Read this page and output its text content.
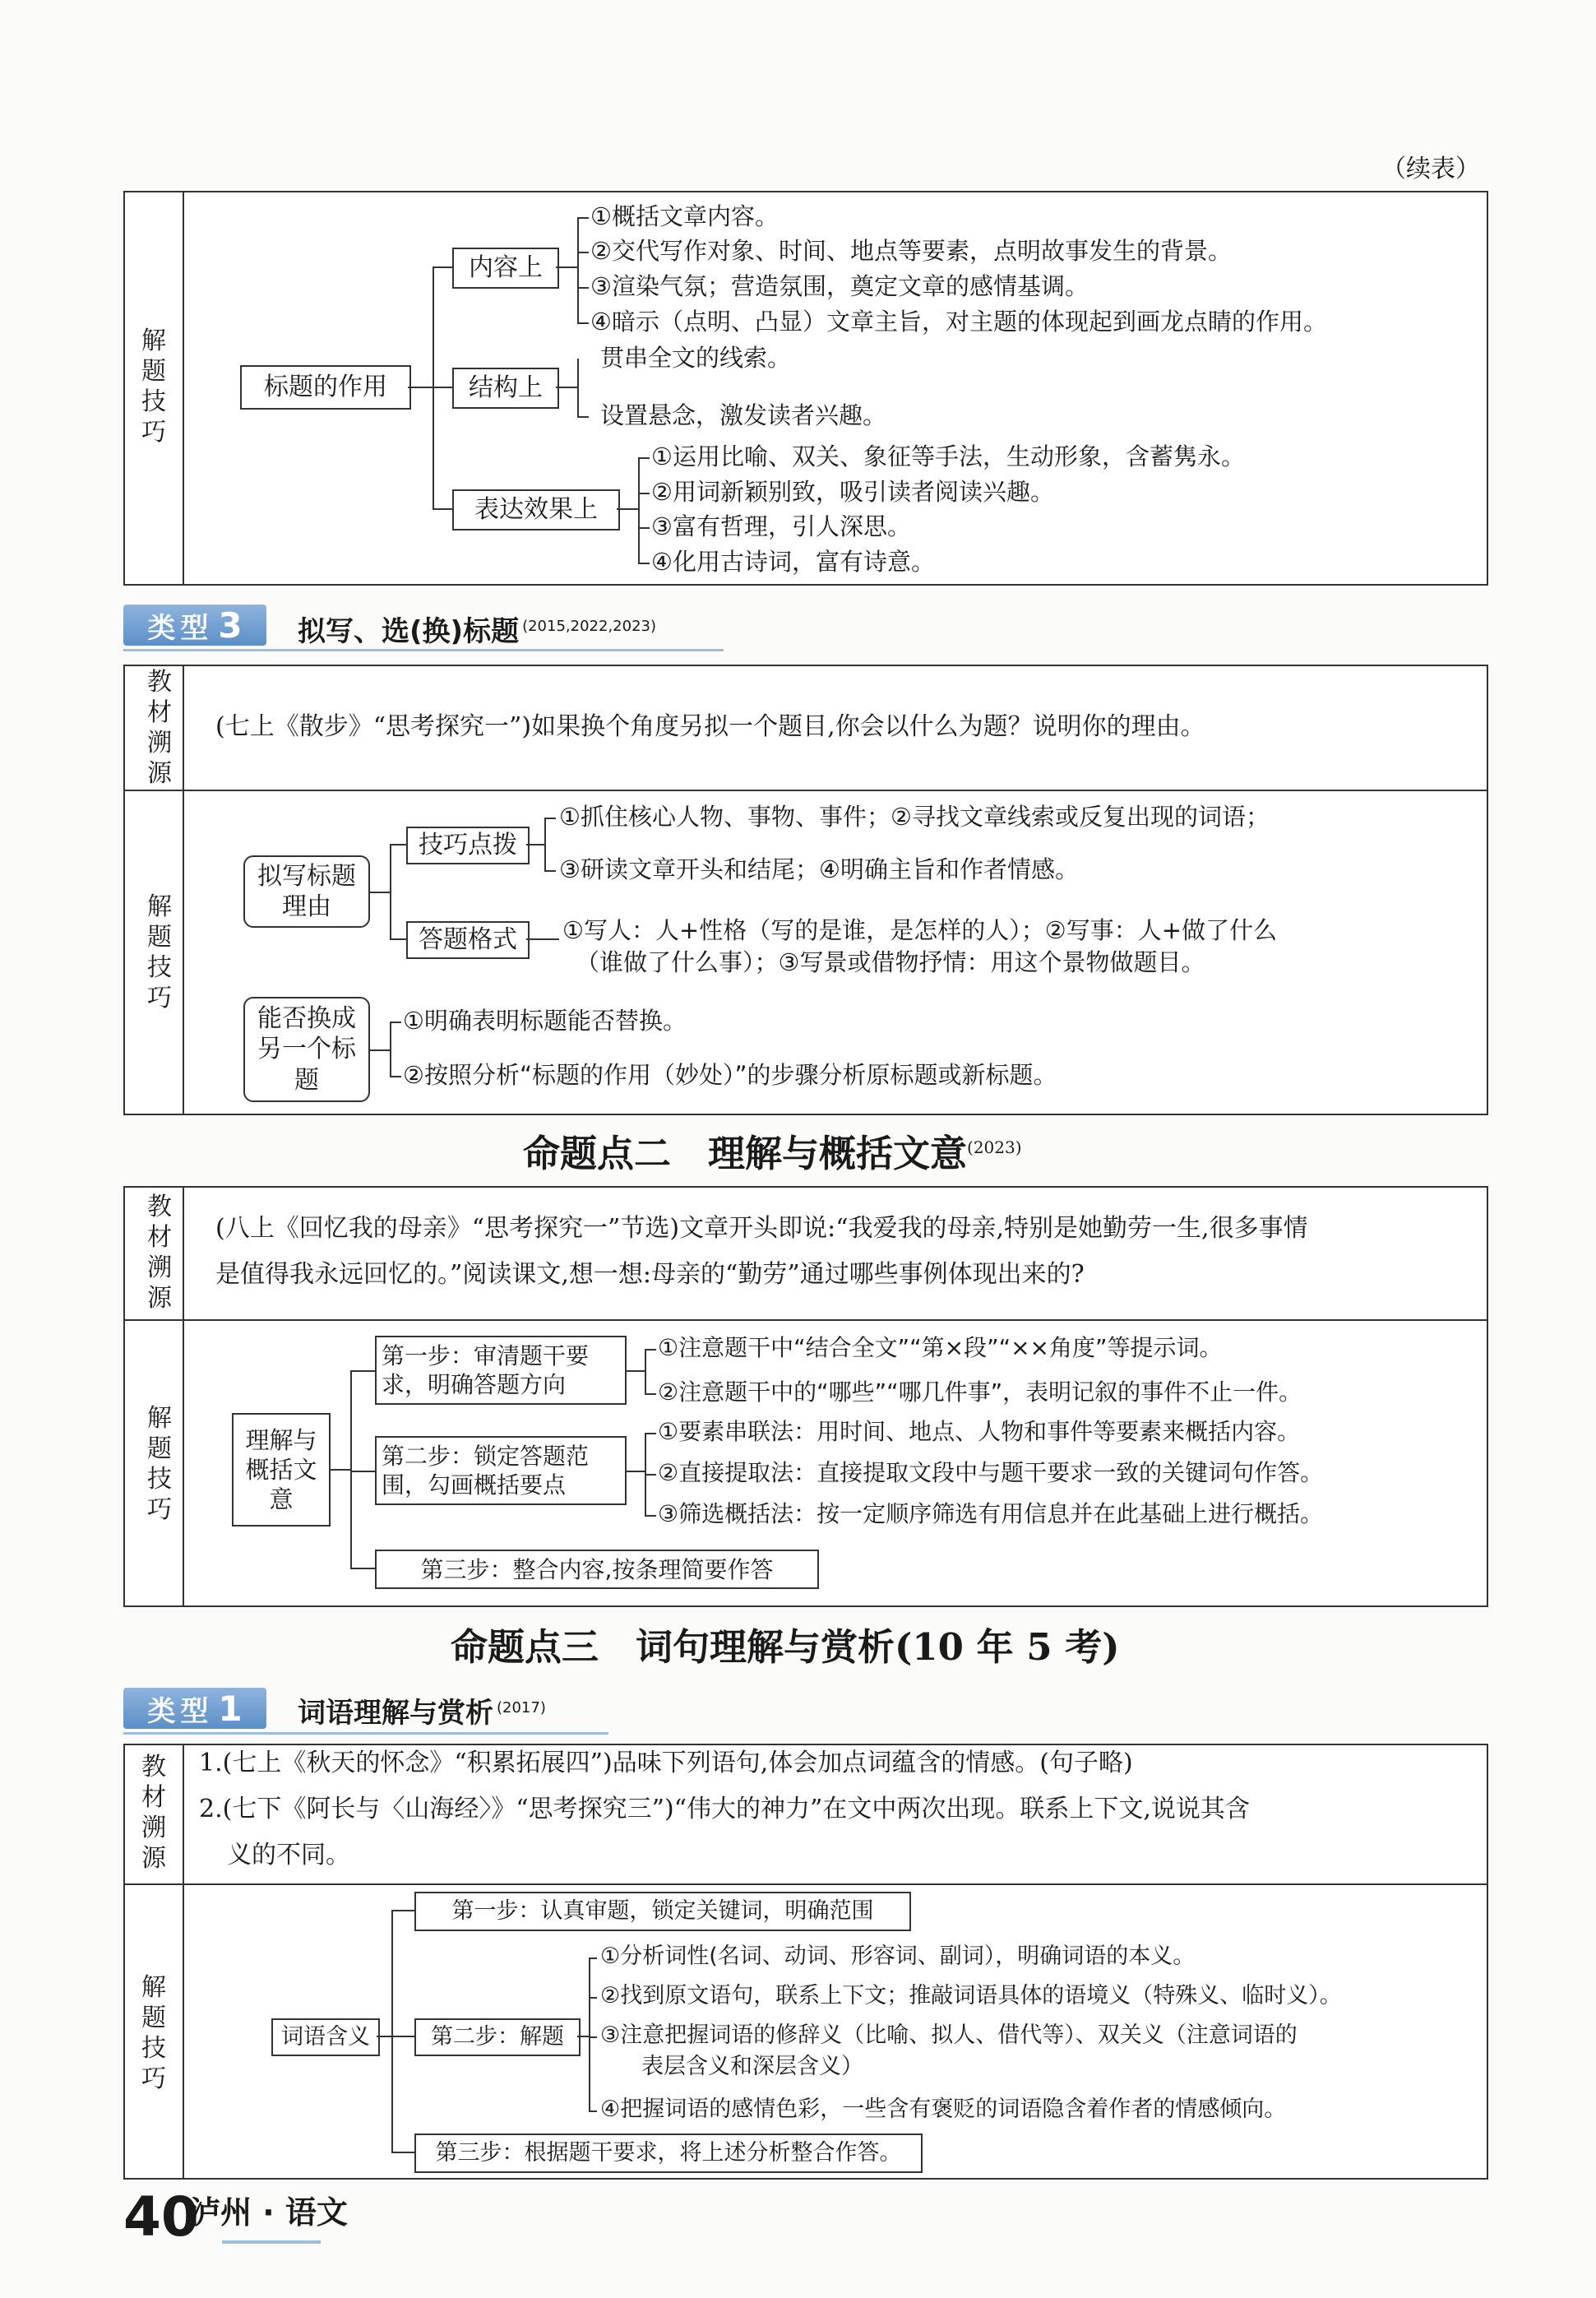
（续表）
解题技巧
标题的作用
内容上
结构上
表达效果上
①概括文章内容。
②交代写作对象、时间、地点等要素，点明故事发生的背景。
③渲染气氛；营造氛围，奠定文章的感情基调。
④暗示（点明、凸显）文章主旨，对主题的体现起到画龙点睛的作用。
贯串全文的线索。
设置悬念，激发读者兴趣。
①运用比喻、双关、象征等手法，生动形象，含蓄隽永。
②用词新颖别致，吸引读者阅读兴趣。
③富有哲理，引人深思。
④化用古诗词，富有诗意。
类型 3 拟写、选(换)标题 $^{(2015,2022,2023)}$
教材溯源
(七上《散步》“思考探究一”)如果换个角度另拟一个题目,你会以什么为题？说明你的理由。
解题技巧
拟写标题理由
技巧点拨
答题格式
①抓住核心人物、事物、事件；②寻找文章线索或反复出现的词语；
③研读文章开头和结尾；④明确主旨和作者情感。
①写人：人+性格（写的是谁，是怎样的人）；②写事：人+做了什么
（谁做了什么事）；③写景或借物抒情：用这个景物做题目。
能否换成另一个标题
①明确表明标题能否替换。
②按照分析“标题的作用（妙处）”的步骤分析原标题或新标题。
命题点二　理解与概括文意$^{(2023)}$
教材溯源
(八上《回忆我的母亲》“思考探究一”节选)文章开头即说:“我爱我的母亲,特别是她勤劳一生,很多事情
是值得我永远回忆的。”阅读课文,想一想:母亲的“勤劳”通过哪些事例体现出来的?
解题技巧
理解与概括文意
第一步：审清题干要求，明确答题方向
①注意题干中“结合全文”“第×段”“××角度”等提示词。
②注意题干中的“哪些”“哪几件事”，表明记叙的事件不止一件。
第二步：锁定答题范围，勾画概括要点
①要素串联法：用时间、地点、人物和事件等要素来概括内容。
②直接提取法：直接提取文段中与题干要求一致的关键词句作答。
③筛选概括法：按一定顺序筛选有用信息并在此基础上进行概括。
第三步：整合内容,按条理简要作答
命题点三　词句理解与赏析(10 年 5 考)
类型 1 词语理解与赏析 $^{(2017)}$
教材溯源
1.(七上《秋天的怀念》“积累拓展四”)品味下列语句,体会加点词蕴含的情感。(句子略)
2.(七下《阿长与〈山海经〉》“思考探究三”)“伟大的神力”在文中两次出现。联系上下文,说说其含
义的不同。
解题技巧
词语含义
第一步：认真审题，锁定关键词，明确范围
第二步：解题
第三步：根据题干要求，将上述分析整合作答。
①分析词性(名词、动词、形容词、副词），明确词语的本义。
②找到原文语句，联系上下文；推敲词语具体的语境义（特殊义、临时义）。
③注意把握词语的修辞义（比喻、拟人、借代等）、双关义（注意词语的
表层含义和深层含义）
④把握词语的感情色彩，一些含有褒贬的词语隐含着作者的情感倾向。
40
泸州 · 语文
